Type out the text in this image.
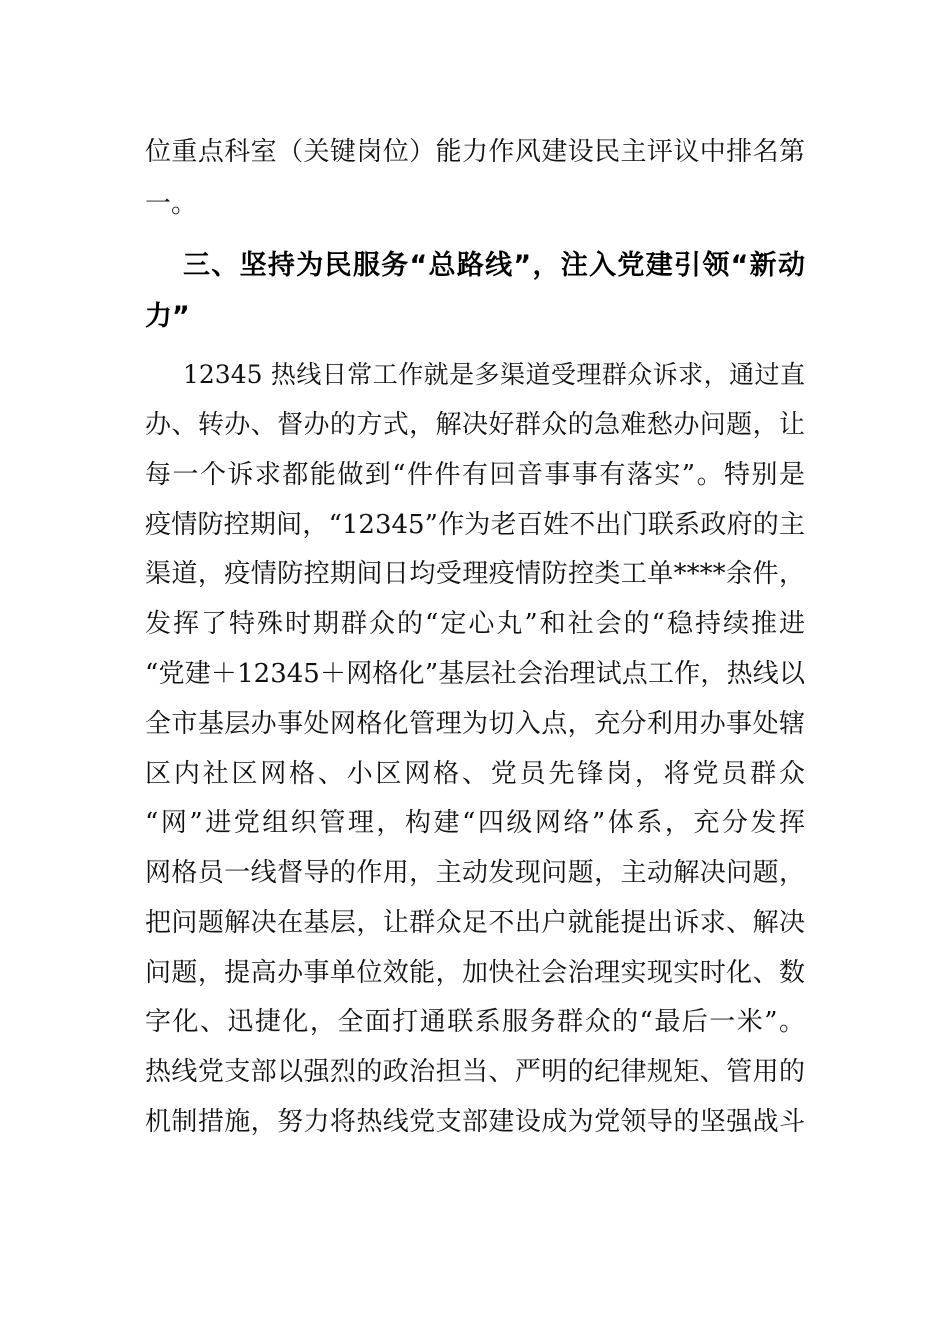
位重点科室（关键岗位）能力作风建设民主评议中排名第
一。
三、坚持为民服务“总路线”，注入党建引领“新动
力”
12345 热线日常工作就是多渠道受理群众诉求，通过直
办、转办、督办的方式，解决好群众的急难愁办问题，让
每一个诉求都能做到“件件有回音事事有落实”。特别是
疫情防控期间，“12345”作为老百姓不出门联系政府的主
渠道，疫情防控期间日均受理疫情防控类工单****余件，
发挥了特殊时期群众的“定心丸”和社会的“稳持续推进
“党建＋12345＋网格化”基层社会治理试点工作，热线以
全市基层办事处网格化管理为切入点，充分利用办事处辖
区内社区网格、小区网格、党员先锋岗，将党员群众
“网”进党组织管理，构建“四级网络”体系，充分发挥
网格员一线督导的作用，主动发现问题，主动解决问题，
把问题解决在基层，让群众足不出户就能提出诉求、解决
问题，提高办事单位效能，加快社会治理实现实时化、数
字化、迅捷化，全面打通联系服务群众的“最后一米”。
热线党支部以强烈的政治担当、严明的纪律规矩、管用的
机制措施，努力将热线党支部建设成为党领导的坚强战斗
